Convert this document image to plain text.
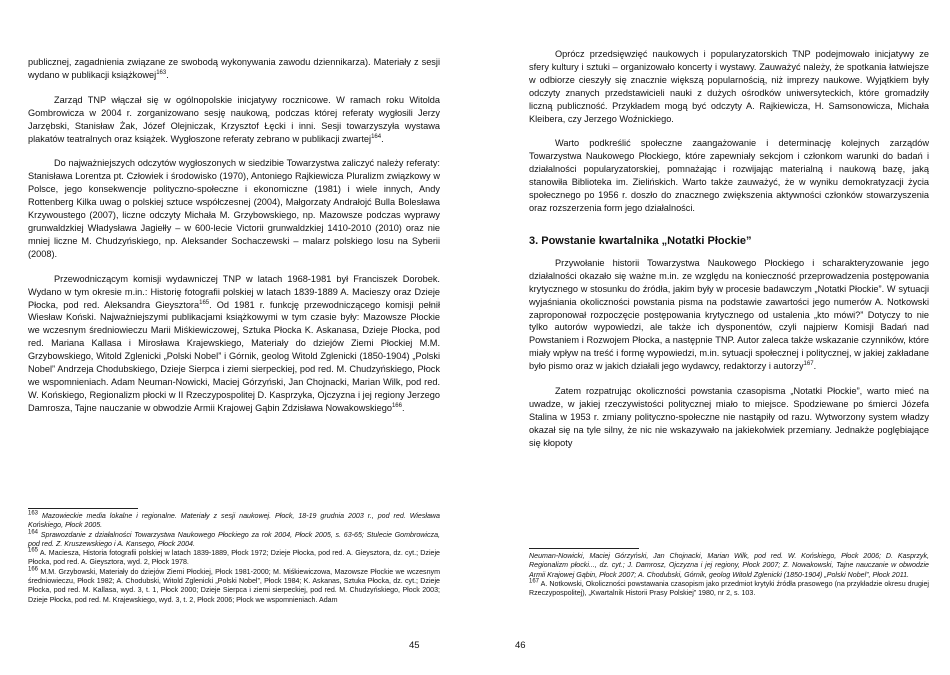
publicznej, zagadnienia związane ze swobodą wykonywania zawodu dziennikarza). Materiały z sesji wydano w publikacji książkowej$^{163}$.

Zarząd TNP włączał się w ogólnopolskie inicjatywy rocznicowe. W ramach roku Witolda Gombrowicza w 2004 r. zorganizowano sesję naukową, podczas której referaty wygłosili Jerzy Jarzębski, Stanisław Żak, Józef Olejniczak, Krzysztof Łęcki i inni. Sesji towarzyszyła wystawa plakatów teatralnych oraz książek. Wygłoszone referaty zebrano w publikacji zwartej$^{164}$.

Do najważniejszych odczytów wygłoszonych w siedzibie Towarzystwa zaliczyć należy referaty: Stanisława Lorentza pt. Człowiek i środowisko (1970), Antoniego Rajkiewicza Pluralizm związkowy w Polsce, jego konsekwencje polityczno-społeczne i ekonomiczne (1981) i wiele innych, Andy Rottenberg Kilka uwag o polskiej sztuce współczesnej (2004), Małgorzaty Andrałojć Bulla Bolesława Krzywoustego (2007), liczne odczyty Michała M. Grzybowskiego, np. Mazowsze podczas wyprawy grunwaldzkiej Władysława Jagiełły – w 600-lecie Victorii grunwaldzkiej 1410-2010 (2010) oraz nie mniej liczne M. Chudzyńskiego, np. Aleksander Sochaczewski – malarz polskiego losu na Syberii (2008).

Przewodniczącym komisji wydawniczej TNP w latach 1968-1981 był Franciszek Dorobek. Wydano w tym okresie m.in.: Historię fotografii polskiej w latach 1839-1889 A. Macieszy oraz Dzieje Płocka, pod red. Aleksandra Gieysztora$^{165}$. Od 1981 r. funkcję przewodniczącego komisji pełnił Wiesław Koński. Najważniejszymi publikacjami książkowymi w tym czasie były: Mazowsze Płockie we wczesnym średniowieczu Marii Miśkiewiczowej, Sztuka Płocka K. Askanasa, Dzieje Płocka, pod red. Mariana Kallasa i Mirosława Krajewskiego, Materiały do dziejów Ziemi Płockiej M.M. Grzybowskiego, Witold Zglenicki „Polski Nobel” i Górnik, geolog Witold Zglenicki (1850-1904) „Polski Nobel” Andrzeja Chodubskiego, Dzieje Sierpca i ziemi sierpeckiej, pod red. M. Chudzyńskiego, Płock we wspomnieniach. Adam Neuman-Nowicki, Maciej Górzyński, Jan Chojnacki, Marian Wilk, pod red. W. Końskiego, Regionalizm płocki w II Rzeczypospolitej D. Kasprzyka, Ojczyzna i jej regiony Jerzego Damrosza, Tajne nauczanie w obwodzie Armii Krajowej Gąbin Zdzisława Nowakowskiego$^{166}$.

$^{163}$ Mazowieckie media lokalne i regionalne. Materiały z sesji naukowej. Płock, 18-19 grudnia 2003 r., pod red. Wiesława Końskiego, Płock 2005.

$^{164}$ Sprawozdanie z działalności Towarzystwa Naukowego Płockiego za rok 2004, Płock 2005, s. 63-65; Stulecie Gombrowicza, pod red. Z. Kruszewskiego i A. Kansego, Płock 2004.

$^{165}$ A. Maciesza, Historia fotografii polskiej w latach 1839-1889, Płock 1972; Dzieje Płocka, pod red. A. Gieysztora, dz. cyt.; Dzieje Płocka, pod red. A. Gieysztora, wyd. 2, Płock 1978.

$^{166}$ M.M. Grzybowski, Materiały do dziejów Ziemi Płockiej, Płock 1981-2000; M. Miśkiewiczowa, Mazowsze Płockie we wczesnym średniowieczu, Płock 1982; A. Chodubski, Witold Zglenicki „Polski Nobel”, Płock 1984; K. Askanas, Sztuka Płocka, dz. cyt.; Dzieje Płocka, pod red. M. Kallasa, wyd. 3, t. 1, Płock 2000; Dzieje Sierpca i ziemi sierpeckiej, pod red. M. Chudzyńskiego, Płock 2003; Dzieje Płocka, pod red. M. Krajewskiego, wyd. 3, t. 2, Płock 2006; Płock we wspomnieniach. Adam

45

Oprócz przedsięwzięć naukowych i popularyzatorskich TNP podejmowało inicjatywy ze sfery kultury i sztuki – organizowało koncerty i wystawy. Zauważyć należy, że spotkania łatwiejsze w odbiorze cieszyły się znacznie większą popularnością, niż imprezy naukowe. Wyjątkiem były odczyty znanych przedstawicieli nauki z dużych ośrodków uniwersyteckich, które gromadziły liczną publiczność. Przykładem mogą być odczyty A. Rajkiewicza, H. Samsonowicza, Michała Kleibera, czy Jerzego Woźnickiego.

Warto podkreślić społeczne zaangażowanie i determinację kolejnych zarządów Towarzystwa Naukowego Płockiego, które zapewniały sekcjom i członkom warunki do badań i działalności popularyzatorskiej, pomnażając i rozwijając materialną i naukową bazę, jaką stanowiła Biblioteka im. Zielińskich. Warto także zauważyć, że w wyniku demokratyzacji życia społecznego po 1956 r. doszło do znacznego zwiększenia aktywności członków stowarzyszenia oraz rozszerzenia form jego działalności.

3. Powstanie kwartalnika „Notatki Płockie”

Przywołanie historii Towarzystwa Naukowego Płockiego i scharakteryzowanie jego działalności okazało się ważne m.in. ze względu na konieczność przeprowadzenia postępowania krytycznego w stosunku do źródła, jakim były w procesie badawczym „Notatki Płockie”. W sytuacji wyjaśniania okoliczności powstania pisma na podstawie zawartości jego numerów A. Notkowski zaproponował rozpoczęcie postępowania krytycznego od ustalenia „kto mówi?” Dotyczy to nie tylko autorów wypowiedzi, ale także ich dysponentów, czyli najpierw Komisji Badań nad Powstaniem i Rozwojem Płocka, a następnie TNP. Autor zaleca także wskazanie czynników, które miały wpływ na treść i formę wypowiedzi, m.in. sytuacji społecznej i politycznej, w jakiej zakładane było pismo oraz w jakich działali jego wydawcy, redaktorzy i autorzy$^{167}$.

Zatem rozpatrując okoliczności powstania czasopisma „Notatki Płockie”, warto mieć na uwadze, w jakiej rzeczywistości politycznej miało to miejsce. Spodziewane po śmierci Józefa Stalina w 1953 r. zmiany polityczno-społeczne nie nastąpiły od razu. Wytworzony system władzy okazał się na tyle silny, że nic nie wskazywało na jakiekolwiek przemiany. Jednakże poglębiające się kłopoty

Neuman-Nowicki, Maciej Górzyński, Jan Chojnacki, Marian Wilk, pod red. W. Końskiego, Płock 2006; D. Kasprzyk, Regionalizm płocki..., dz. cyt.; J. Damrosz, Ojczyzna i jej regiony, Płock 2007; Z. Nowakowski, Tajne nauczanie w obwodzie Armii Krajowej Gąbin, Płock 2007; A. Chodubski, Górnik, geolog Witold Zglenicki (1850-1904) „Polski Nobel”, Płock 2011.

$^{167}$ A. Notkowski, Okoliczności powstawania czasopism jako przedmiot krytyki źródła prasowego (na przykładzie okresu drugiej Rzeczypospolitej), „Kwartalnik Historii Prasy Polskiej” 1980, nr 2, s. 103.

46
